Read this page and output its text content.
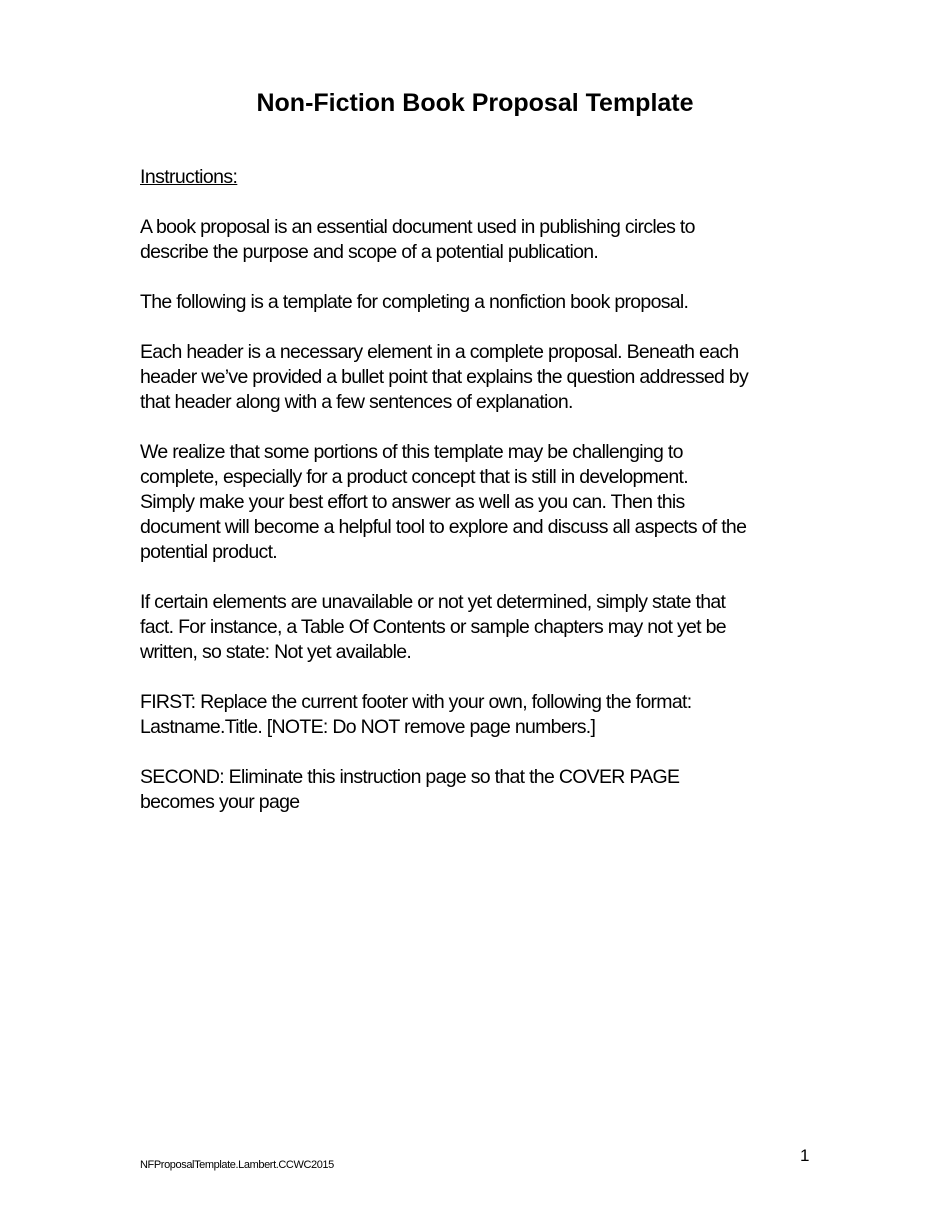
Non-Fiction Book Proposal Template

Instructions:

A book proposal is an essential document used in publishing circles to
describe the purpose and scope of a potential publication.

The following is a template for completing a nonfiction book proposal.

Each header is a necessary element in a complete proposal. Beneath each
header we’ve provided a bullet point that explains the question addressed by
that header along with a few sentences of explanation.

We realize that some portions of this template may be challenging to
complete, especially for a product concept that is still in development.
Simply make your best effort to answer as well as you can. Then this
document will become a helpful tool to explore and discuss all aspects of the
potential product.

If certain elements are unavailable or not yet determined, simply state that
fact. For instance, a Table Of Contents or sample chapters may not yet be
written, so state: Not yet available.

FIRST: Replace the current footer with your own, following the format:
Lastname.Title. [NOTE: Do NOT remove page numbers.]

SECOND: Eliminate this instruction page so that the COVER PAGE
becomes your page

NFProposalTemplate.Lambert.CCWC2015	1
